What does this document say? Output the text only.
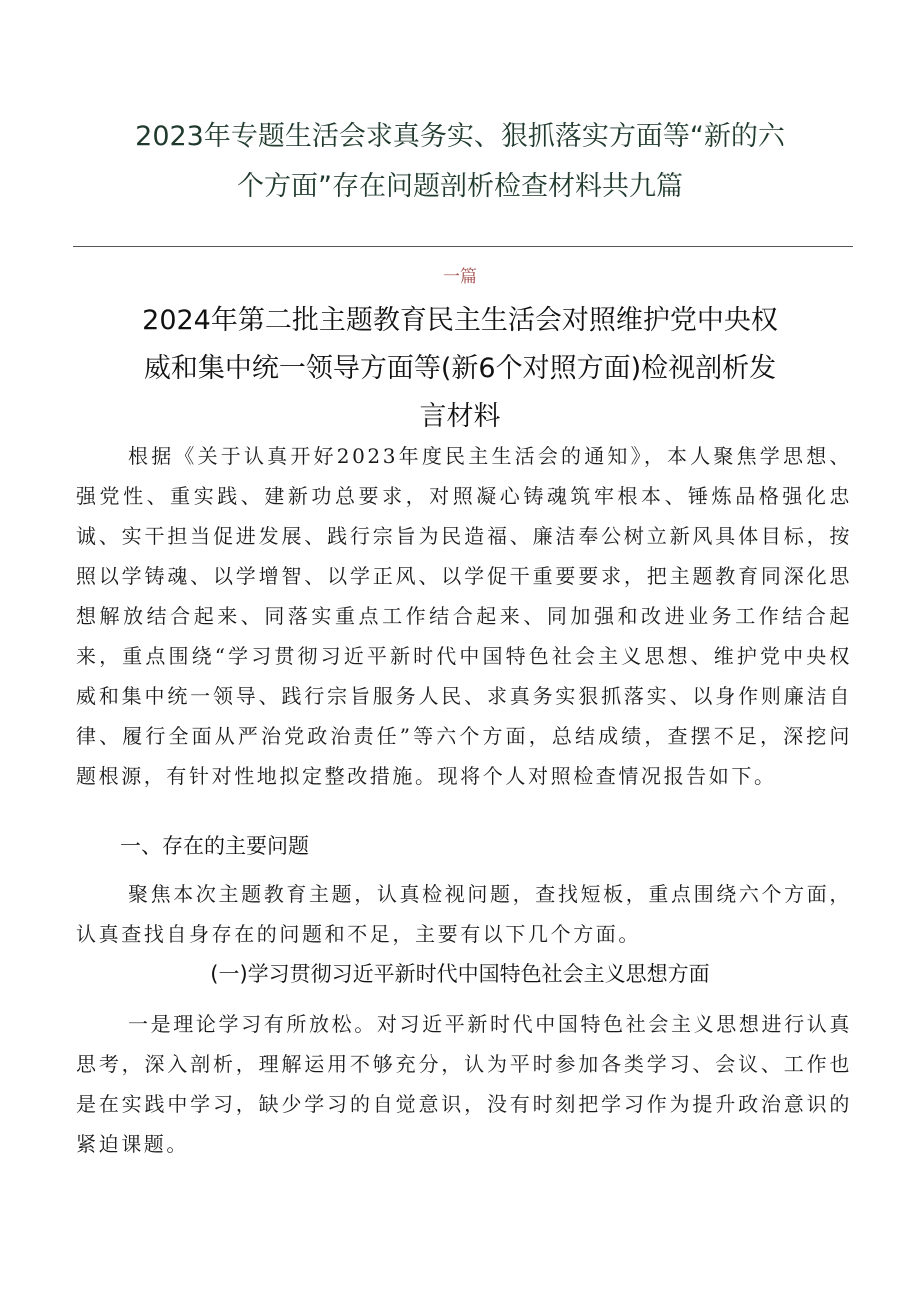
2023年专题生活会求真务实、狠抓落实方面等“新的六
个方面”存在问题剖析检查材料共九篇
一篇
2024年第二批主题教育民主生活会对照维护党中央权
威和集中统一领导方面等(新6个对照方面)检视剖析发
言材料

根据《关于认真开好2023年度民主生活会的通知》，本人聚焦学思想、强党性、重实践、建新功总要求，对照凝心铸魂筑牢根本、锤炼品格强化忠诚、实干担当促进发展、践行宗旨为民造福、廉洁奉公树立新风具体目标，按照以学铸魂、以学增智、以学正风、以学促干重要要求，把主题教育同深化思想解放结合起来、同落实重点工作结合起来、同加强和改进业务工作结合起来，重点围绕“学习贯彻习近平新时代中国特色社会主义思想、维护党中央权威和集中统一领导、践行宗旨服务人民、求真务实狠抓落实、以身作则廉洁自律、履行全面从严治党政治责任”等六个方面，总结成绩，查摆不足，深挖问题根源，有针对性地拟定整改措施。现将个人对照检查情况报告如下。

一、存在的主要问题

聚焦本次主题教育主题，认真检视问题，查找短板，重点围绕六个方面，认真查找自身存在的问题和不足，主要有以下几个方面。

(一)学习贯彻习近平新时代中国特色社会主义思想方面

一是理论学习有所放松。对习近平新时代中国特色社会主义思想进行认真思考，深入剖析，理解运用不够充分，认为平时参加各类学习、会议、工作也是在实践中学习，缺少学习的自觉意识，没有时刻把学习作为提升政治意识的紧迫课题。
